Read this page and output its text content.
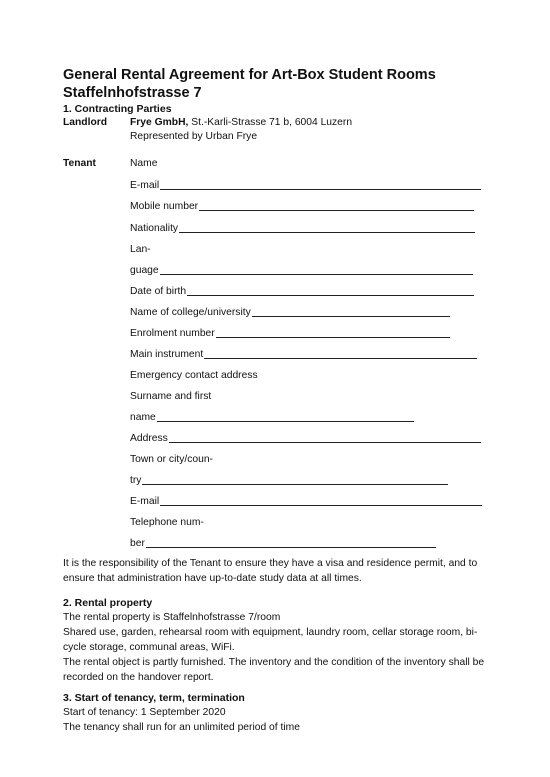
General Rental Agreement for Art-Box Student Rooms
Staffelnhofstrasse 7
1. Contracting Parties
Landlord Frye GmbH, St.-Karli-Strasse 71 b, 6004 Luzern
Represented by Urban Frye
Tenant	Name
E-mail
Mobile number
Nationality
Lan-
guage
Date of birth
Name of college/university
Enrolment number
Main instrument
Emergency contact address
Surname and first
name
Address
Town or city/coun-
try
E-mail
Telephone num-
ber
It is the responsibility of the Tenant to ensure they have a visa and residence permit, and to ensure that administration have up-to-date study data at all times.
2. Rental property
The rental property is Staffelnhofstrasse 7/room
Shared use, garden, rehearsal room with equipment, laundry room, cellar storage room, bi-cycle storage, communal areas, WiFi.
The rental object is partly furnished. The inventory and the condition of the inventory shall be recorded on the handover report.
3. Start of tenancy, term, termination
Start of tenancy: 1 September 2020
The tenancy shall run for an unlimited period of time
